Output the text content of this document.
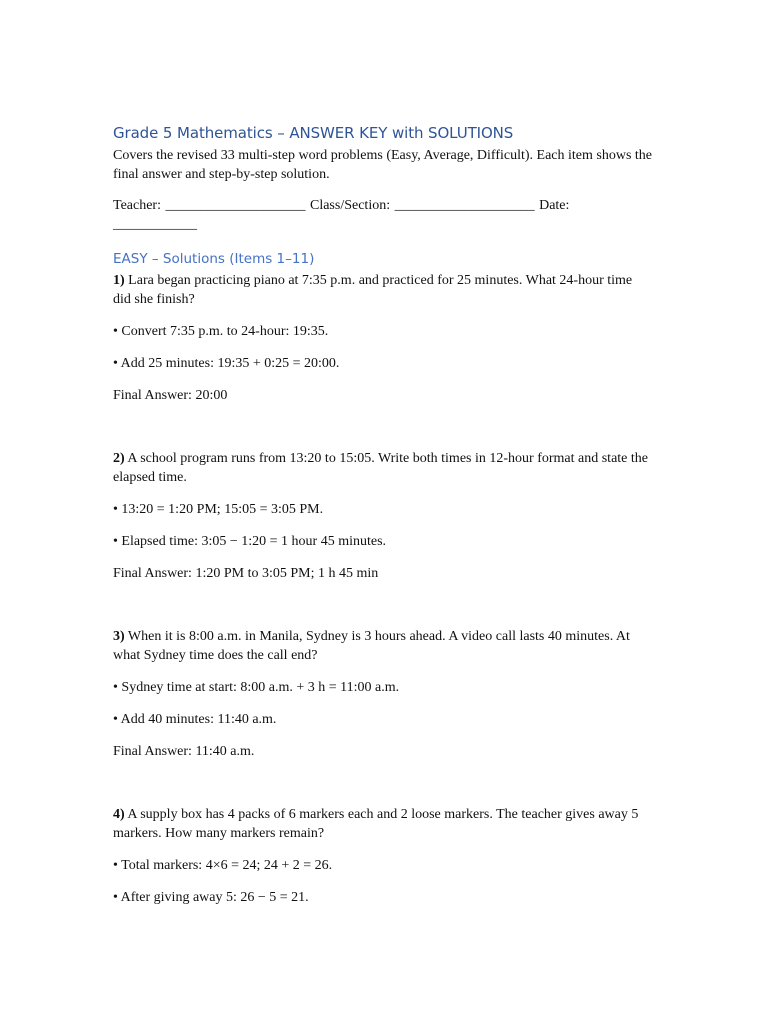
Grade 5 Mathematics – ANSWER KEY with SOLUTIONS

Covers the revised 33 multi-step word problems (Easy, Average, Difficult). Each item shows the final answer and step-by-step solution.

Teacher: ____________________ Class/Section: ____________________ Date: ____________

EASY – Solutions (Items 1–11)

1) Lara began practicing piano at 7:35 p.m. and practiced for 25 minutes. What 24-hour time did she finish?

• Convert 7:35 p.m. to 24-hour: 19:35.

• Add 25 minutes: 19:35 + 0:25 = 20:00.

Final Answer: 20:00

2) A school program runs from 13:20 to 15:05. Write both times in 12-hour format and state the elapsed time.

• 13:20 = 1:20 PM; 15:05 = 3:05 PM.

• Elapsed time: 3:05 − 1:20 = 1 hour 45 minutes.

Final Answer: 1:20 PM to 3:05 PM; 1 h 45 min

3) When it is 8:00 a.m. in Manila, Sydney is 3 hours ahead. A video call lasts 40 minutes. At what Sydney time does the call end?

• Sydney time at start: 8:00 a.m. + 3 h = 11:00 a.m.

• Add 40 minutes: 11:40 a.m.

Final Answer: 11:40 a.m.

4) A supply box has 4 packs of 6 markers each and 2 loose markers. The teacher gives away 5 markers. How many markers remain?

• Total markers: 4×6 = 24; 24 + 2 = 26.

• After giving away 5: 26 − 5 = 21.
